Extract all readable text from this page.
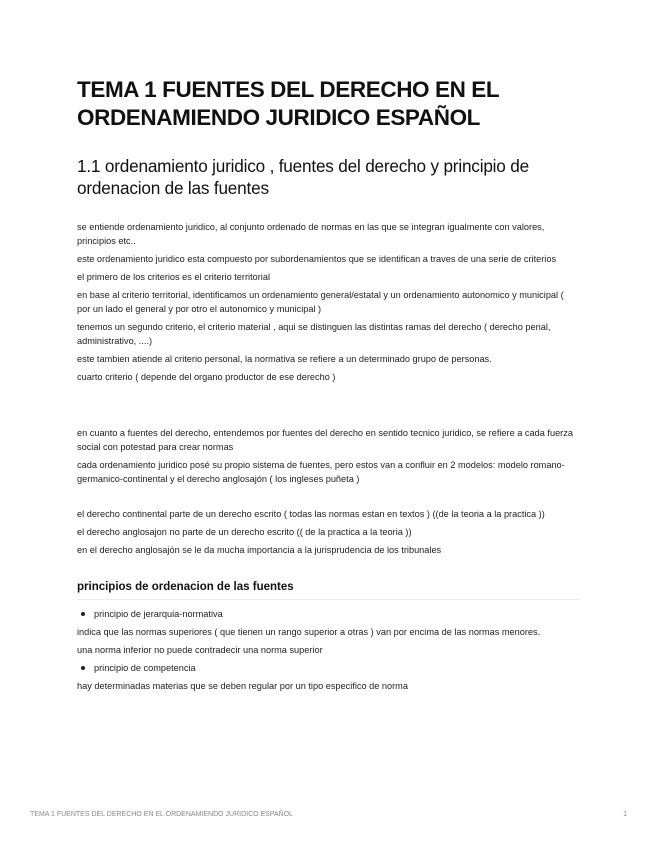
TEMA 1 FUENTES DEL DERECHO EN EL ORDENAMIENDO JURIDICO ESPAÑOL
1.1 ordenamiento juridico , fuentes del derecho y principio de ordenacion de las fuentes

se entiende ordenamiento juridico, al conjunto ordenado de normas en las que se integran igualmente con valores, principios etc..

este ordenamiento juridico esta compuesto por subordenamientos que se identifican a traves de una serie de criterios

el primero de los criterios es el criterio territorial

en base al criterio territorial, identificamos un ordenamiento general/estatal y un ordenamiento autonomico y municipal ( por un lado el general y por otro el autonomico y municipal )

tenemos un segundo criterio, el criterio material , aqui se distinguen las distintas ramas del derecho ( derecho penal, administrativo, ....)

este tambien atiende al criterio personal, la normativa se refiere a un determinado grupo de personas.

cuarto criterio ( depende del organo productor de ese derecho )

en cuanto a fuentes del derecho, entendemos por fuentes del derecho en sentido tecnico juridico, se refiere a cada fuerza social con potestad para crear normas

cada ordenamiento juridico posé su propio sistema de fuentes, pero estos van a confluir en 2 modelos: modelo romano-germanico-continental y el derecho anglosajón ( los ingleses puñeta )

el derecho continental parte de un derecho escrito ( todas las normas estan en textos ) ((de la teoria a la practica ))

el derecho anglosajon no parte de un derecho escrito (( de la practica a la teoria ))

en el derecho anglosajón se le da mucha importancia a la jurisprudencia de los tribunales

principios de ordenacion de las fuentes
principio de jerarquia-normativa

indica que las normas superiores ( que tienen un rango superior a otras ) van por encima de las normas menores.

una norma inferior no puede contradecir una norma superior

principio de competencia

hay determinadas materias que se deben regular por un tipo especifico de norma

TEMA 1 FUENTES DEL DERECHO EN EL ORDENAMIENDO JURIDICO ESPAÑOL	1
